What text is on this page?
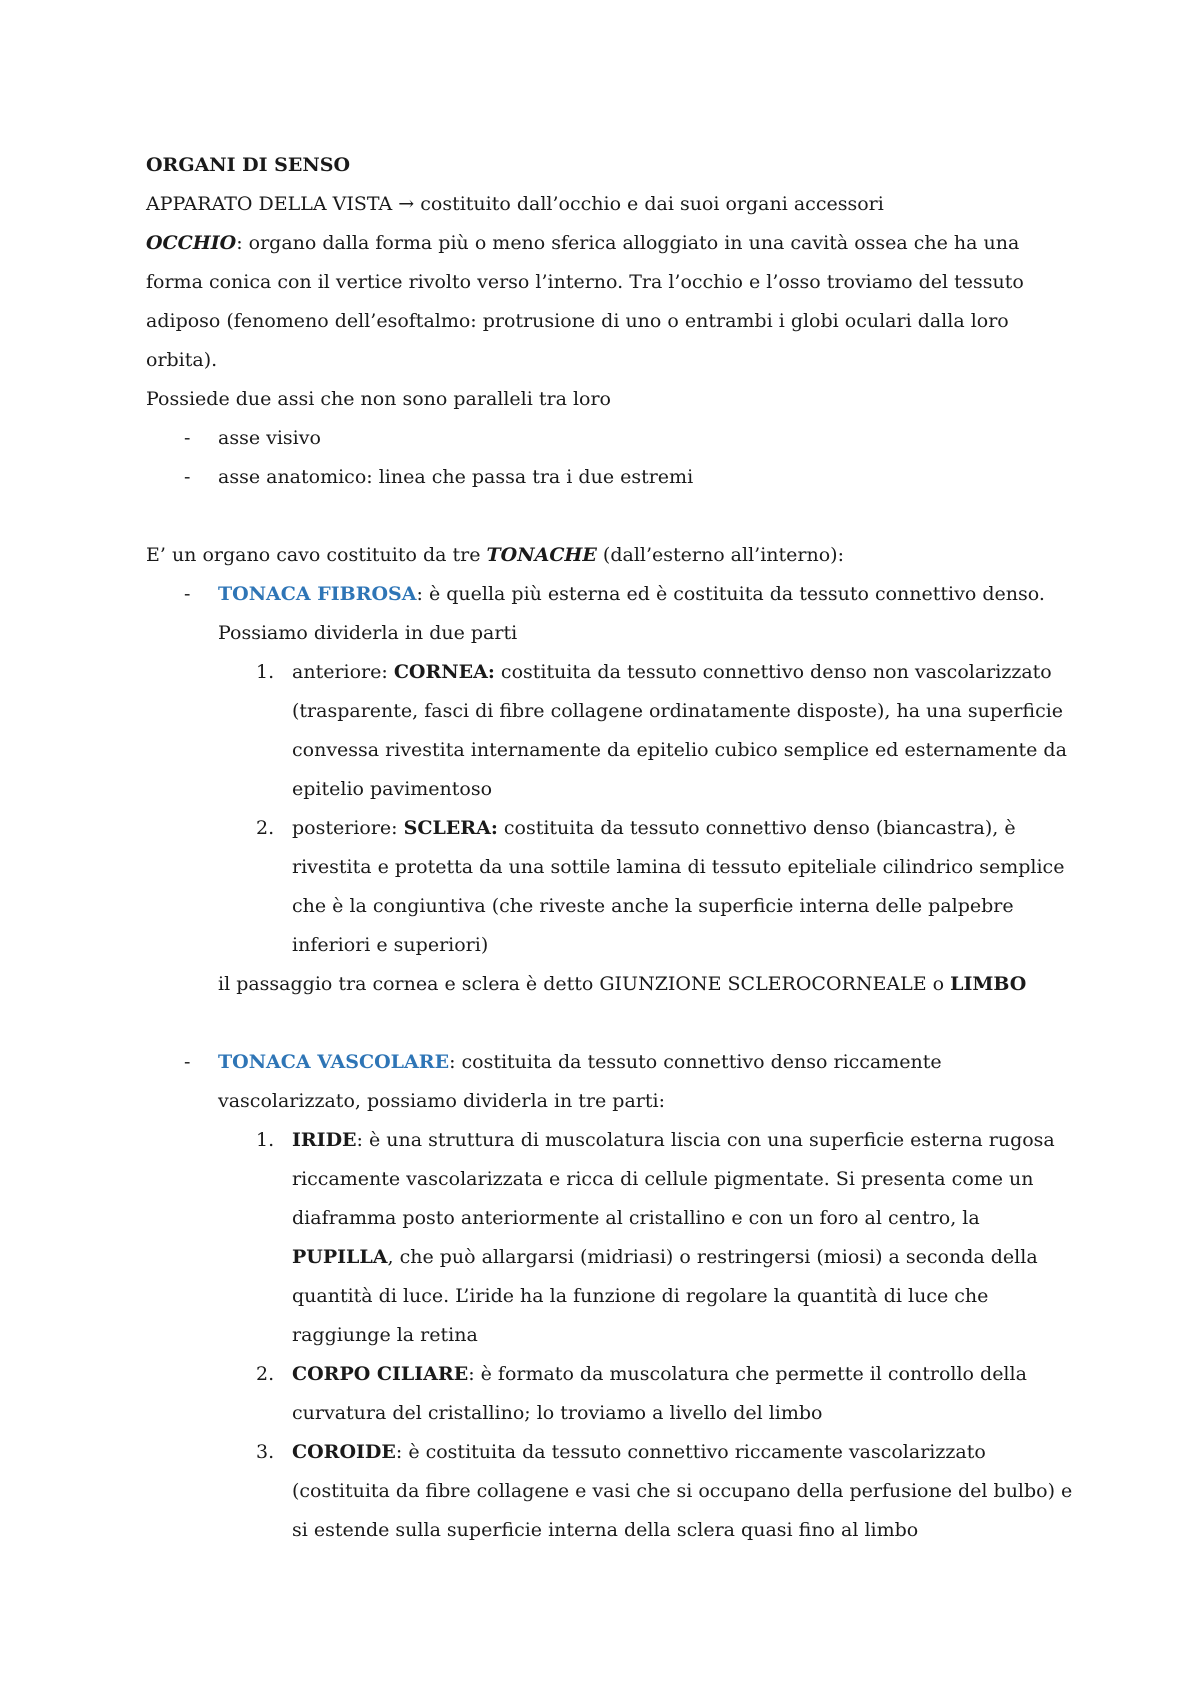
ORGANI DI SENSO

APPARATO DELLA VISTA → costituito dall’occhio e dai suoi organi accessori

OCCHIO: organo dalla forma più o meno sferica alloggiato in una cavità ossea che ha una forma conica con il vertice rivolto verso l’interno. Tra l’occhio e l’osso troviamo del tessuto adiposo (fenomeno dell’esoftalmo: protrusione di uno o entrambi i globi oculari dalla loro orbita).

Possiede due assi che non sono paralleli tra loro

- asse visivo

- asse anatomico: linea che passa tra i due estremi

E’ un organo cavo costituito da tre TONACHE (dall’esterno all’interno):

- TONACA FIBROSA: è quella più esterna ed è costituita da tessuto connettivo denso. Possiamo dividerla in due parti

1. anteriore: CORNEA: costituita da tessuto connettivo denso non vascolarizzato (trasparente, fasci di fibre collagene ordinatamente disposte), ha una superficie convessa rivestita internamente da epitelio cubico semplice ed esternamente da epitelio pavimentoso

2. posteriore: SCLERA: costituita da tessuto connettivo denso (biancastra), è rivestita e protetta da una sottile lamina di tessuto epiteliale cilindrico semplice che è la congiuntiva (che riveste anche la superficie interna delle palpebre inferiori e superiori)

il passaggio tra cornea e sclera è detto GIUNZIONE SCLEROCORNEALE o LIMBO

- TONACA VASCOLARE: costituita da tessuto connettivo denso riccamente vascolarizzato, possiamo dividerla in tre parti:

1. IRIDE: è una struttura di muscolatura liscia con una superficie esterna rugosa riccamente vascolarizzata e ricca di cellule pigmentate. Si presenta come un diaframma posto anteriormente al cristallino e con un foro al centro, la PUPILLA, che può allargarsi (midriasi) o restringersi (miosi) a seconda della quantità di luce. L’iride ha la funzione di regolare la quantità di luce che raggiunge la retina

2. CORPO CILIARE: è formato da muscolatura che permette il controllo della curvatura del cristallino; lo troviamo a livello del limbo

3. COROIDE: è costituita da tessuto connettivo riccamente vascolarizzato (costituita da fibre collagene e vasi che si occupano della perfusione del bulbo) e si estende sulla superficie interna della sclera quasi fino al limbo
